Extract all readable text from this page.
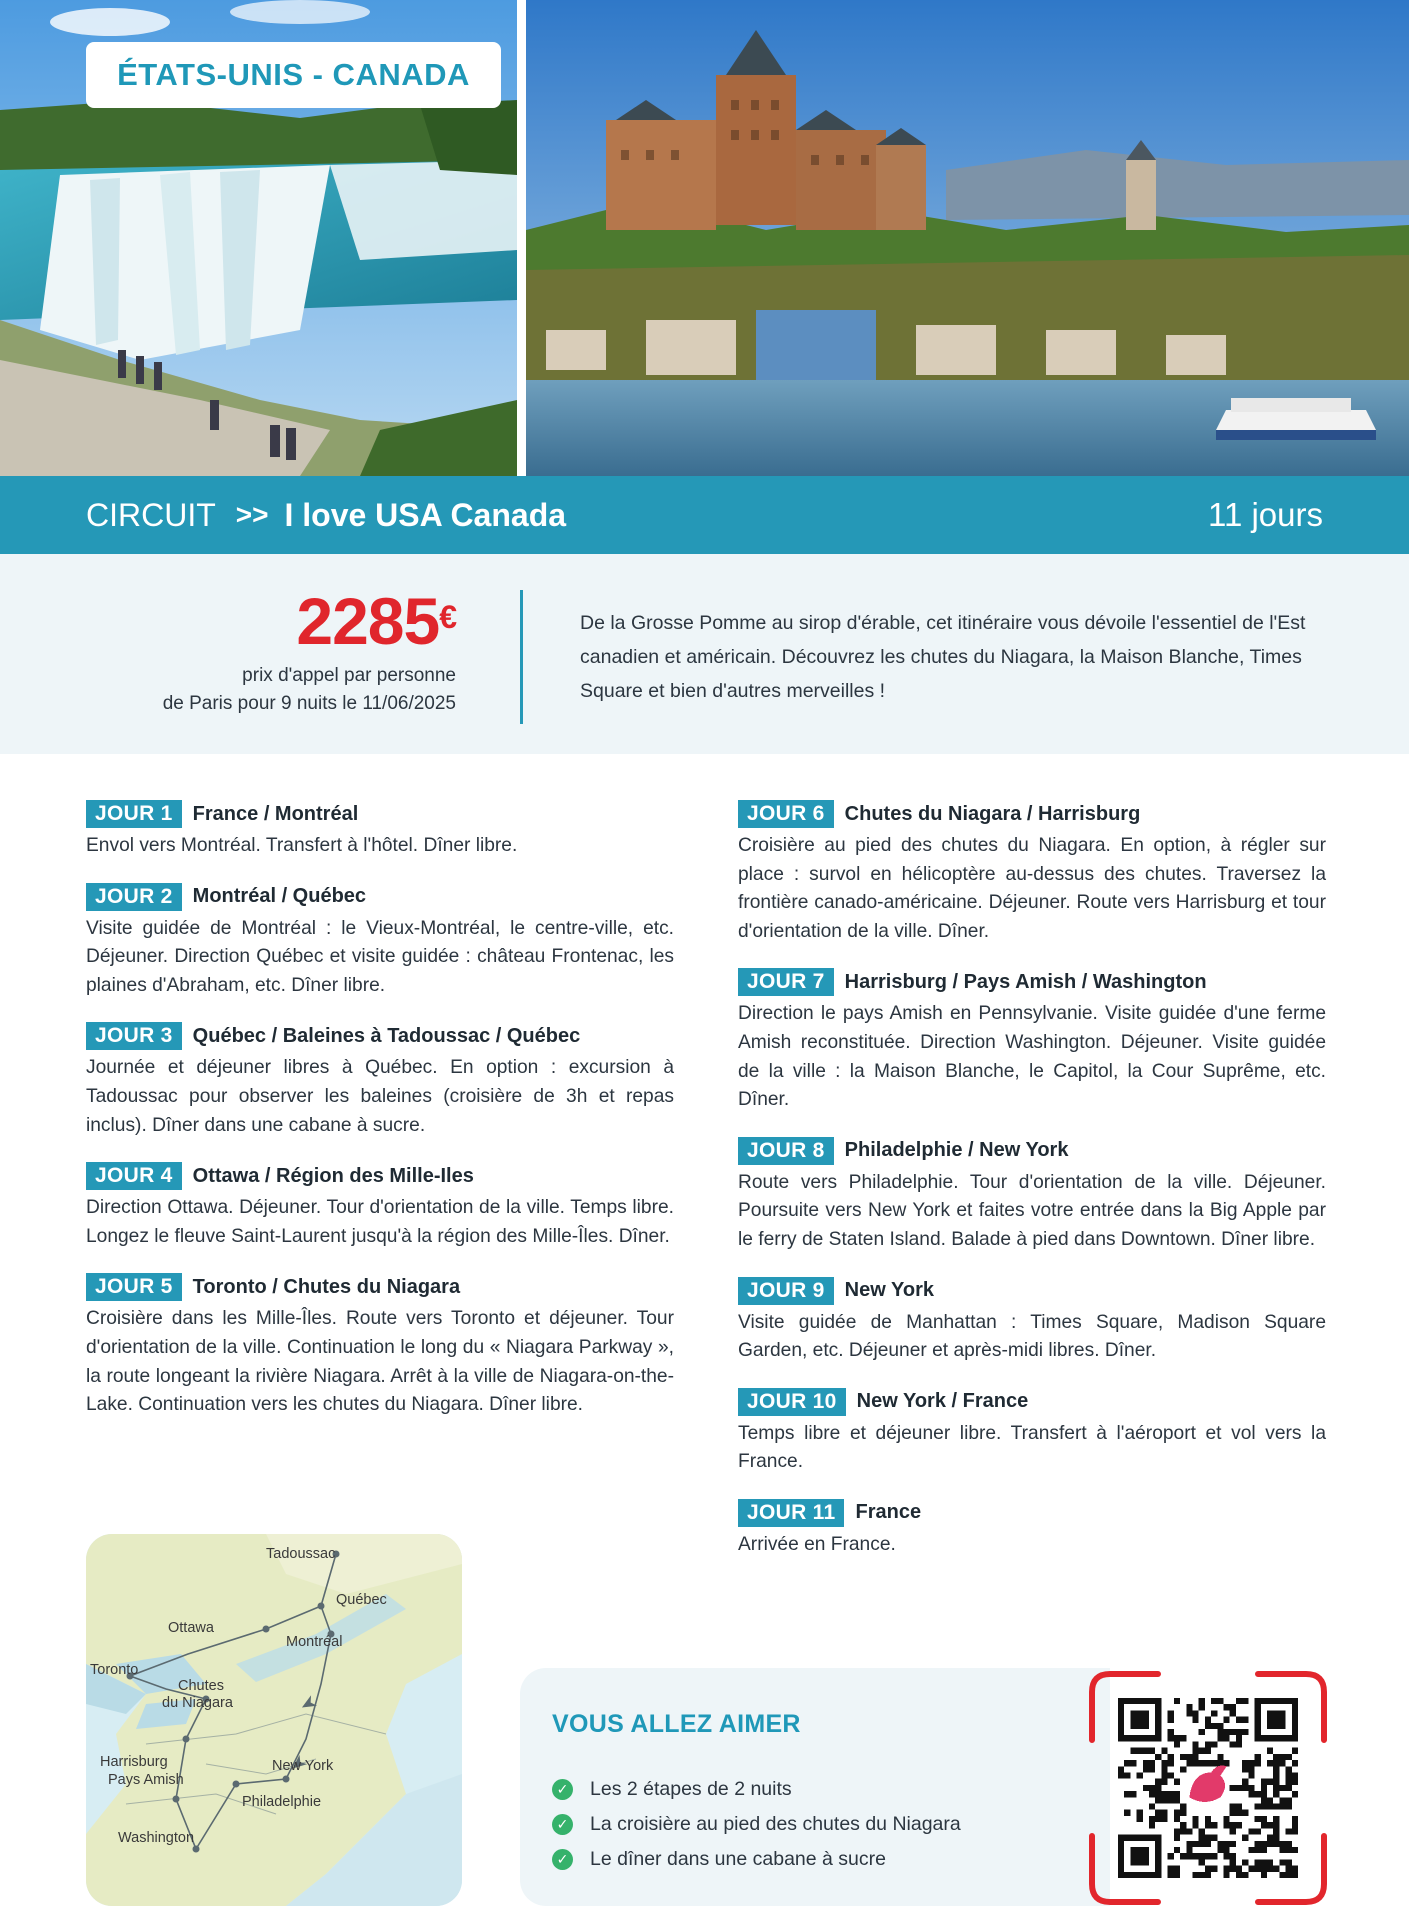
ÉTATS-UNIS - CANADA
CIRCUIT >> I love USA Canada	11 jours
2285€
prix d'appel par personne
de Paris pour 9 nuits le 11/06/2025
De la Grosse Pomme au sirop d'érable, cet itinéraire vous dévoile l'essentiel de l'Est canadien et américain. Découvrez les chutes du Niagara, la Maison Blanche, Times Square et bien d'autres merveilles !
JOUR 1	France / Montréal
Envol vers Montréal. Transfert à l'hôtel. Dîner libre.
JOUR 2	Montréal / Québec
Visite guidée de Montréal : le Vieux-Montréal, le centre-ville, etc. Déjeuner. Direction Québec et visite guidée : château Frontenac, les plaines d'Abraham, etc. Dîner libre.
JOUR 3	Québec / Baleines à Tadoussac / Québec
Journée et déjeuner libres à Québec. En option : excursion à Tadoussac pour observer les baleines (croisière de 3h et repas inclus). Dîner dans une cabane à sucre.
JOUR 4	Ottawa / Région des Mille-Iles
Direction Ottawa. Déjeuner. Tour d'orientation de la ville. Temps libre. Longez le fleuve Saint-Laurent jusqu'à la région des Mille-Îles. Dîner.
JOUR 5	Toronto / Chutes du Niagara
Croisière dans les Mille-Îles. Route vers Toronto et déjeuner. Tour d'orientation de la ville. Continuation le long du « Niagara Parkway », la route longeant la rivière Niagara. Arrêt à la ville de Niagara-on-the-Lake. Continuation vers les chutes du Niagara. Dîner libre.
JOUR 6	Chutes du Niagara / Harrisburg
Croisière au pied des chutes du Niagara. En option, à régler sur place : survol en hélicoptère au-dessus des chutes. Traversez la frontière canado-américaine. Déjeuner. Route vers Harrisburg et tour d'orientation de la ville. Dîner.
JOUR 7	Harrisburg / Pays Amish / Washington
Direction le pays Amish en Pennsylvanie. Visite guidée d'une ferme Amish reconstituée. Direction Washington. Déjeuner. Visite guidée de la ville : la Maison Blanche, le Capitol, la Cour Suprême, etc. Dîner.
JOUR 8	Philadelphie / New York
Route vers Philadelphie. Tour d'orientation de la ville. Déjeuner. Poursuite vers New York et faites votre entrée dans la Big Apple par le ferry de Staten Island. Balade à pied dans Downtown. Dîner libre.
JOUR 9	New York
Visite guidée de Manhattan : Times Square, Madison Square Garden, etc. Déjeuner et après-midi libres. Dîner.
JOUR 10	New York / France
Temps libre et déjeuner libre. Transfert à l'aéroport et vol vers la France.
JOUR 11	France
Arrivée en France.
Tadoussac
Québec
Ottawa
Montréal
Toronto
Chutes
du Niagara
Harrisburg
Pays Amish
New York
Philadelphie
Washington
VOUS ALLEZ AIMER
✓ Les 2 étapes de 2 nuits
✓ La croisière au pied des chutes du Niagara
✓ Le dîner dans une cabane à sucre
